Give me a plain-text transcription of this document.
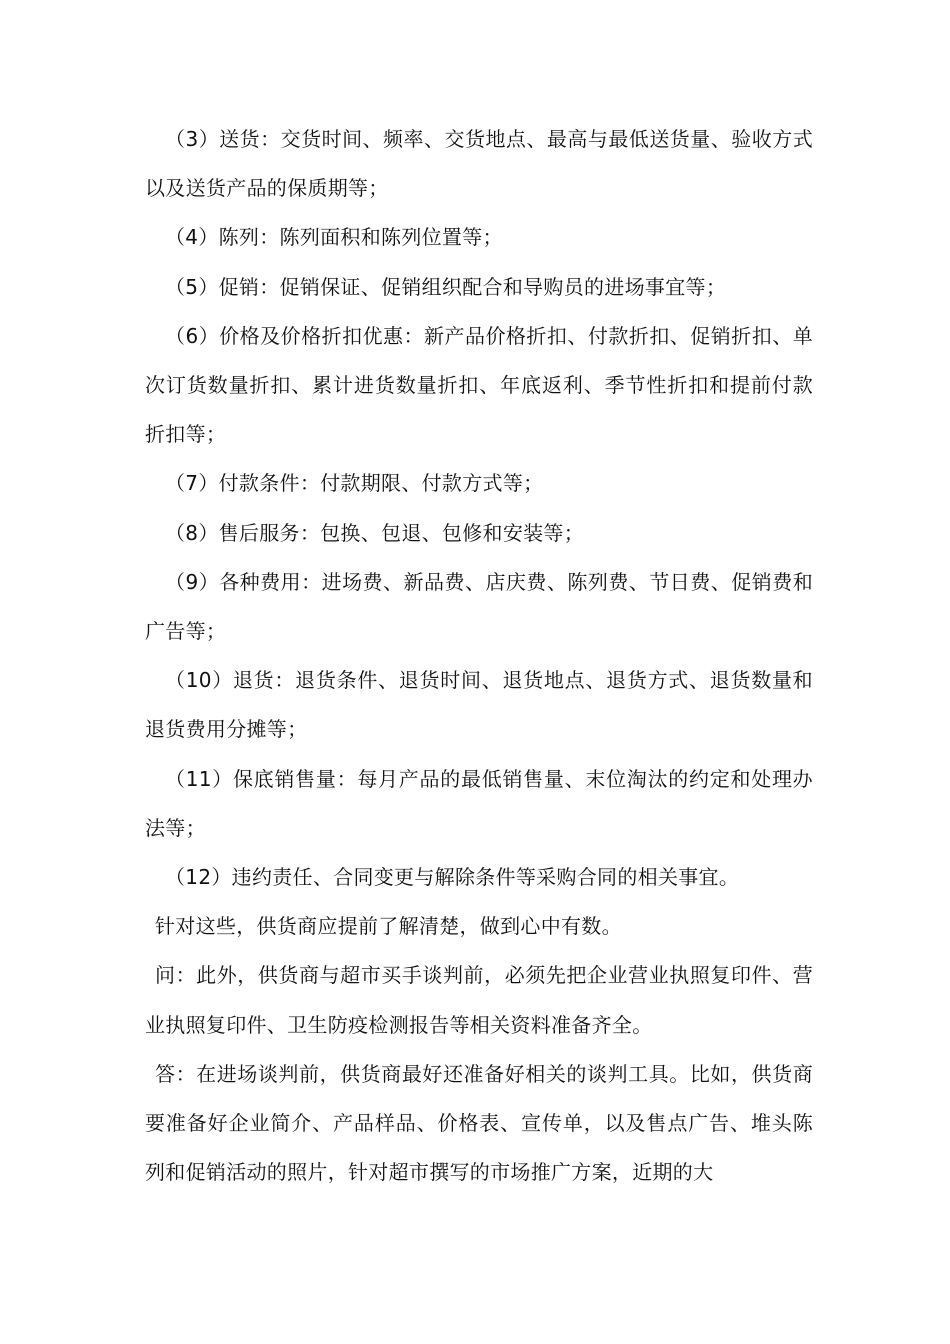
（3）送货：交货时间、频率、交货地点、最高与最低送货量、验收方式以及送货产品的保质期等；

（4）陈列：陈列面积和陈列位置等；

（5）促销：促销保证、促销组织配合和导购员的进场事宜等；

（6）价格及价格折扣优惠：新产品价格折扣、付款折扣、促销折扣、单次订货数量折扣、累计进货数量折扣、年底返利、季节性折扣和提前付款折扣等；

（7）付款条件：付款期限、付款方式等；

（8）售后服务：包换、包退、包修和安装等；

（9）各种费用：进场费、新品费、店庆费、陈列费、节日费、促销费和广告等；

（10）退货：退货条件、退货时间、退货地点、退货方式、退货数量和退货费用分摊等；

（11）保底销售量：每月产品的最低销售量、末位淘汰的约定和处理办法等；

（12）违约责任、合同变更与解除条件等采购合同的相关事宜。

针对这些，供货商应提前了解清楚，做到心中有数。

问：此外，供货商与超市买手谈判前，必须先把企业营业执照复印件、营业执照复印件、卫生防疫检测报告等相关资料准备齐全。

答：在进场谈判前，供货商最好还准备好相关的谈判工具。比如，供货商要准备好企业简介、产品样品、价格表、宣传单，以及售点广告、堆头陈列和促销活动的照片，针对超市撰写的市场推广方案，近期的大
